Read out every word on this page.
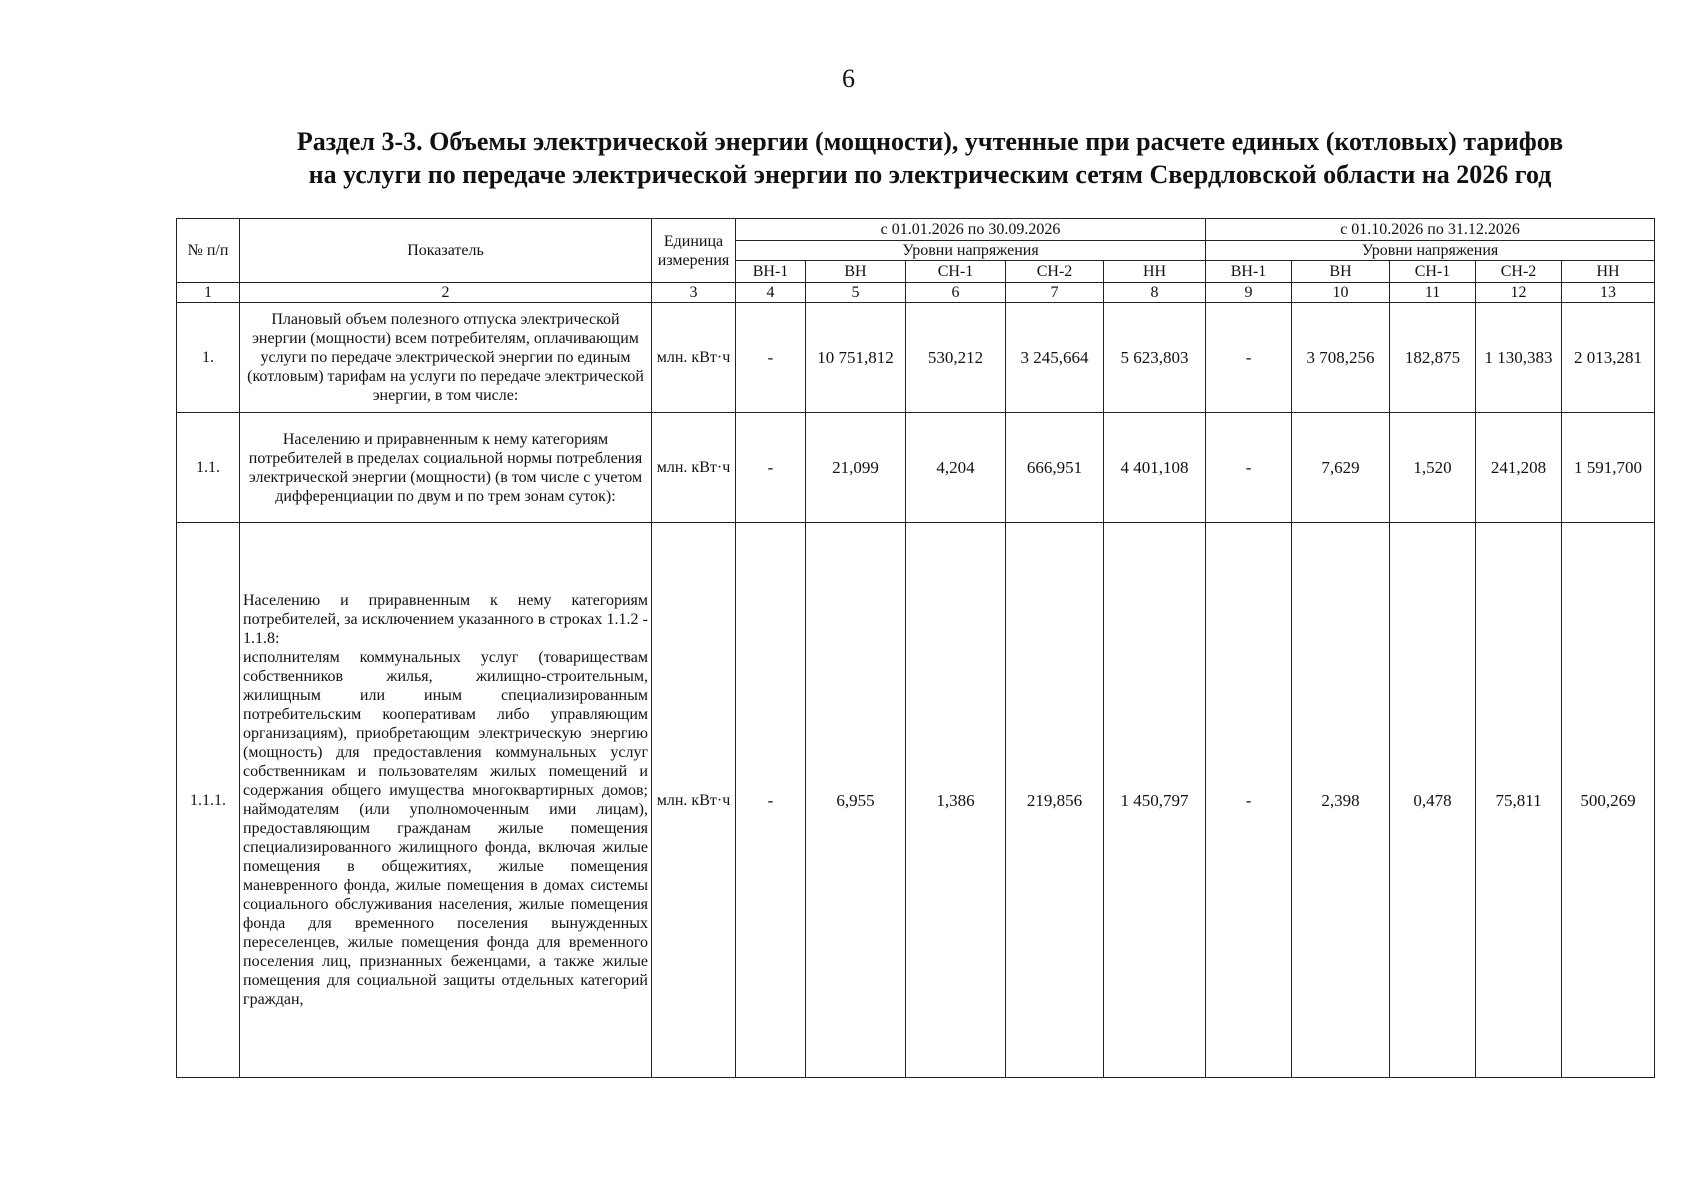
6
Раздел 3-3. Объемы электрической энергии (мощности), учтенные при расчете единых (котловых) тарифов
на услуги по передаче электрической энергии по электрическим сетям Свердловской области на 2026 год
№ п/п	Показатель	Единица измерения	с 01.01.2026 по 30.09.2026					с 01.10.2026 по 31.12.2026				
			Уровни напряжения					Уровни напряжения				
			ВН-1	ВН	СН-1	СН-2	НН	ВН-1	ВН	СН-1	СН-2	НН
1	2	3	4	5	6	7	8	9	10	11	12	13
1.	Плановый объем полезного отпуска электрической энергии (мощности) всем потребителям, оплачивающим услуги по передаче электрической энергии по единым (котловым) тарифам на услуги по передаче электрической энергии, в том числе:	млн. кВт·ч	-	10 751,812	530,212	3 245,664	5 623,803	-	3 708,256	182,875	1 130,383	2 013,281
1.1.	Населению и приравненным к нему категориям потребителей в пределах социальной нормы потребления электрической энергии (мощности) (в том числе с учетом дифференциации по двум и по трем зонам суток):	млн. кВт·ч	-	21,099	4,204	666,951	4 401,108	-	7,629	1,520	241,208	1 591,700
1.1.1.	Населению и приравненным к нему категориям потребителей, за исключением указанного в строках 1.1.2 - 1.1.8:
исполнителям коммунальных услуг (товариществам собственников жилья, жилищно-строительным, жилищным или иным специализированным потребительским кооперативам либо управляющим организациям), приобретающим электрическую энергию (мощность) для предоставления коммунальных услуг собственникам и пользователям жилых помещений и содержания общего имущества многоквартирных домов;
наймодателям (или уполномоченным ими лицам), предоставляющим гражданам жилые помещения специализированного жилищного фонда, включая жилые помещения в общежитиях, жилые помещения маневренного фонда, жилые помещения в домах системы социального обслуживания населения, жилые помещения фонда для временного поселения вынужденных переселенцев, жилые помещения фонда для временного поселения лиц, признанных беженцами, а также жилые помещения для социальной защиты отдельных категорий граждан,	млн. кВт·ч	-	6,955	1,386	219,856	1 450,797	-	2,398	0,478	75,811	500,269
